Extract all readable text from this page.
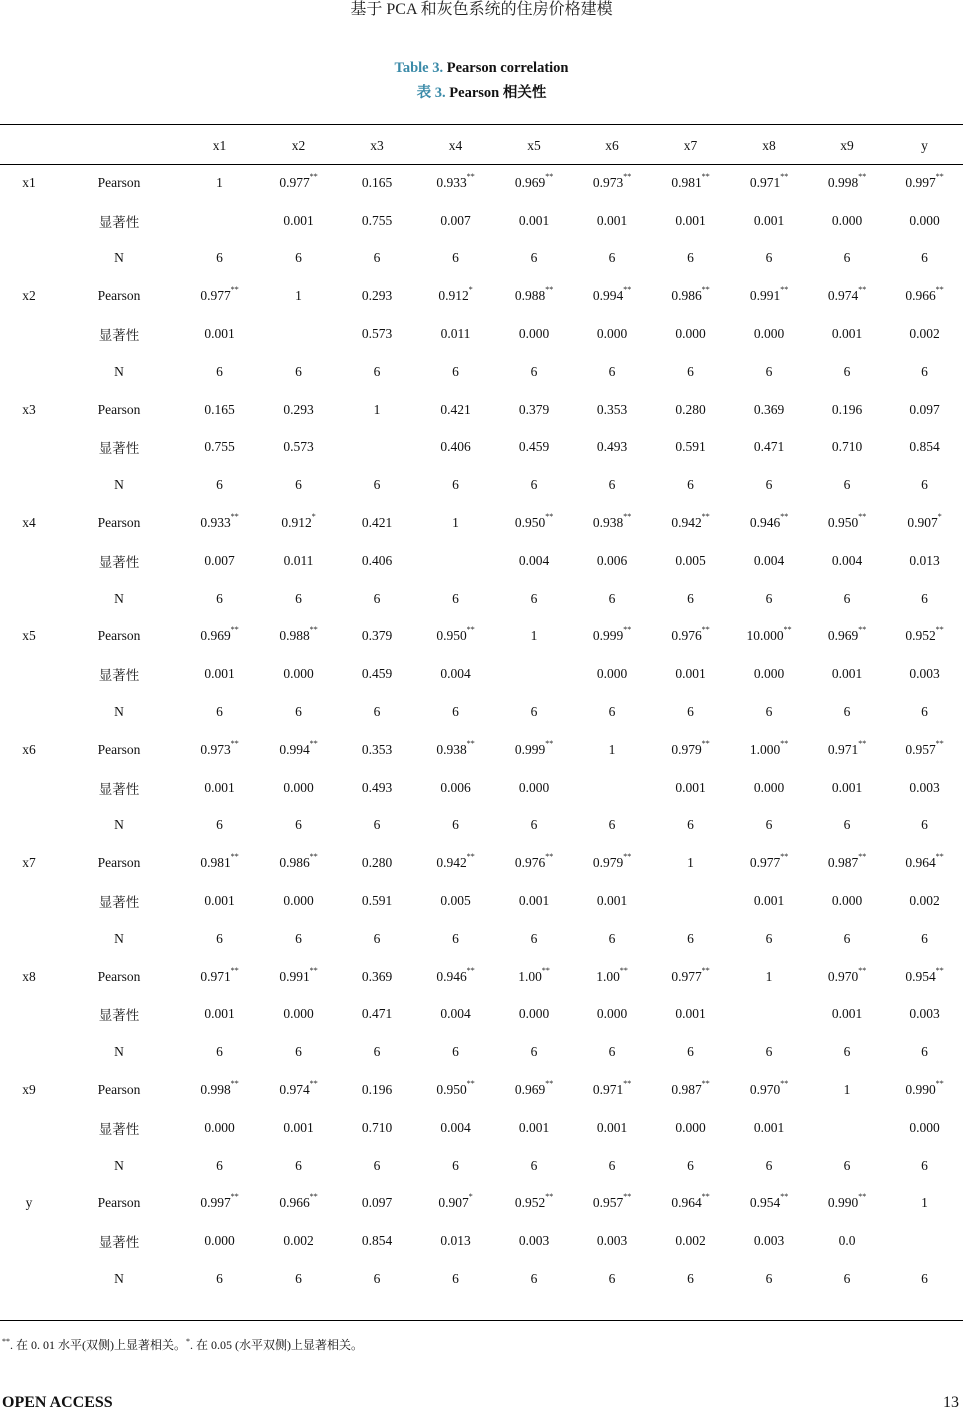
基于 PCA 和灰色系统的住房价格建模
Table 3. Pearson correlation
表 3. Pearson 相关性
		x1	x2	x3	x4	x5	x6	x7	x8	x9	y
x1	Pearson	1	0.977**	0.165	0.933**	0.969**	0.973**	0.981**	0.971**	0.998**	0.997**
	显著性		0.001	0.755	0.007	0.001	0.001	0.001	0.001	0.000	0.000
	N	6	6	6	6	6	6	6	6	6	6
x2	Pearson	0.977**	1	0.293	0.912*	0.988**	0.994**	0.986**	0.991**	0.974**	0.966**
	显著性	0.001		0.573	0.011	0.000	0.000	0.000	0.000	0.001	0.002
	N	6	6	6	6	6	6	6	6	6	6
x3	Pearson	0.165	0.293	1	0.421	0.379	0.353	0.280	0.369	0.196	0.097
	显著性	0.755	0.573		0.406	0.459	0.493	0.591	0.471	0.710	0.854
	N	6	6	6	6	6	6	6	6	6	6
x4	Pearson	0.933**	0.912*	0.421	1	0.950**	0.938**	0.942**	0.946**	0.950**	0.907*
	显著性	0.007	0.011	0.406		0.004	0.006	0.005	0.004	0.004	0.013
	N	6	6	6	6	6	6	6	6	6	6
x5	Pearson	0.969**	0.988**	0.379	0.950**	1	0.999**	0.976**	10.000**	0.969**	0.952**
	显著性	0.001	0.000	0.459	0.004		0.000	0.001	0.000	0.001	0.003
	N	6	6	6	6	6	6	6	6	6	6
x6	Pearson	0.973**	0.994**	0.353	0.938**	0.999**	1	0.979**	1.000**	0.971**	0.957**
	显著性	0.001	0.000	0.493	0.006	0.000		0.001	0.000	0.001	0.003
	N	6	6	6	6	6	6	6	6	6	6
x7	Pearson	0.981**	0.986**	0.280	0.942**	0.976**	0.979**	1	0.977**	0.987**	0.964**
	显著性	0.001	0.000	0.591	0.005	0.001	0.001		0.001	0.000	0.002
	N	6	6	6	6	6	6	6	6	6	6
x8	Pearson	0.971**	0.991**	0.369	0.946**	1.00**	1.00**	0.977**	1	0.970**	0.954**
	显著性	0.001	0.000	0.471	0.004	0.000	0.000	0.001		0.001	0.003
	N	6	6	6	6	6	6	6	6	6	6
x9	Pearson	0.998**	0.974**	0.196	0.950**	0.969**	0.971**	0.987**	0.970**	1	0.990**
	显著性	0.000	0.001	0.710	0.004	0.001	0.001	0.000	0.001		0.000
	N	6	6	6	6	6	6	6	6	6	6
y	Pearson	0.997**	0.966**	0.097	0.907*	0.952**	0.957**	0.964**	0.954**	0.990**	1
	显著性	0.000	0.002	0.854	0.013	0.003	0.003	0.002	0.003	0.0	
	N	6	6	6	6	6	6	6	6	6	6
**. 在 0. 01 水平(双侧)上显著相关。*. 在 0.05 (水平双侧)上显著相关。
OPEN ACCESS	13
